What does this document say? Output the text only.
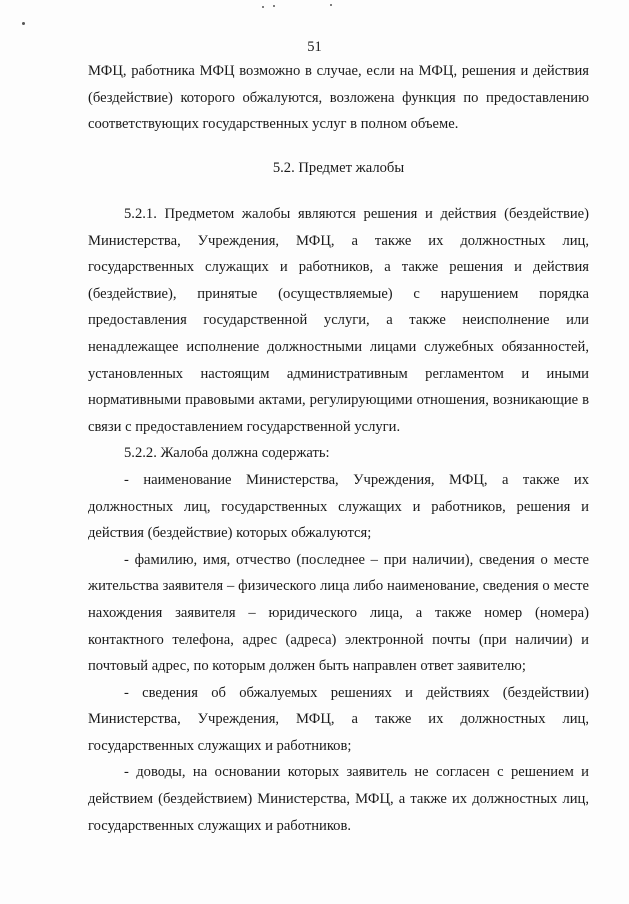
51

МФЦ, работника МФЦ возможно в случае, если на МФЦ, решения и действия (бездействие) которого обжалуются, возложена функция по предоставлению соответствующих государственных услуг в полном объеме.

5.2. Предмет жалобы

5.2.1. Предметом жалобы являются решения и действия (бездействие) Министерства, Учреждения, МФЦ, а также их должностных лиц, государственных служащих и работников, а также решения и действия (бездействие), принятые (осуществляемые) с нарушением порядка предоставления государственной услуги, а также неисполнение или ненадлежащее исполнение должностными лицами служебных обязанностей, установленных настоящим административным регламентом и иными нормативными правовыми актами, регулирующими отношения, возникающие в связи с предоставлением государственной услуги.

5.2.2. Жалоба должна содержать:

- наименование Министерства, Учреждения, МФЦ, а также их должностных лиц, государственных служащих и работников, решения и действия (бездействие) которых обжалуются;

- фамилию, имя, отчество (последнее – при наличии), сведения о месте жительства заявителя – физического лица либо наименование, сведения о месте нахождения заявителя – юридического лица, а также номер (номера) контактного телефона, адрес (адреса) электронной почты (при наличии) и почтовый адрес, по которым должен быть направлен ответ заявителю;

- сведения об обжалуемых решениях и действиях (бездействии) Министерства, Учреждения, МФЦ, а также их должностных лиц, государственных служащих и работников;

- доводы, на основании которых заявитель не согласен с решением и действием (бездействием) Министерства, МФЦ, а также их должностных лиц, государственных служащих и работников.
